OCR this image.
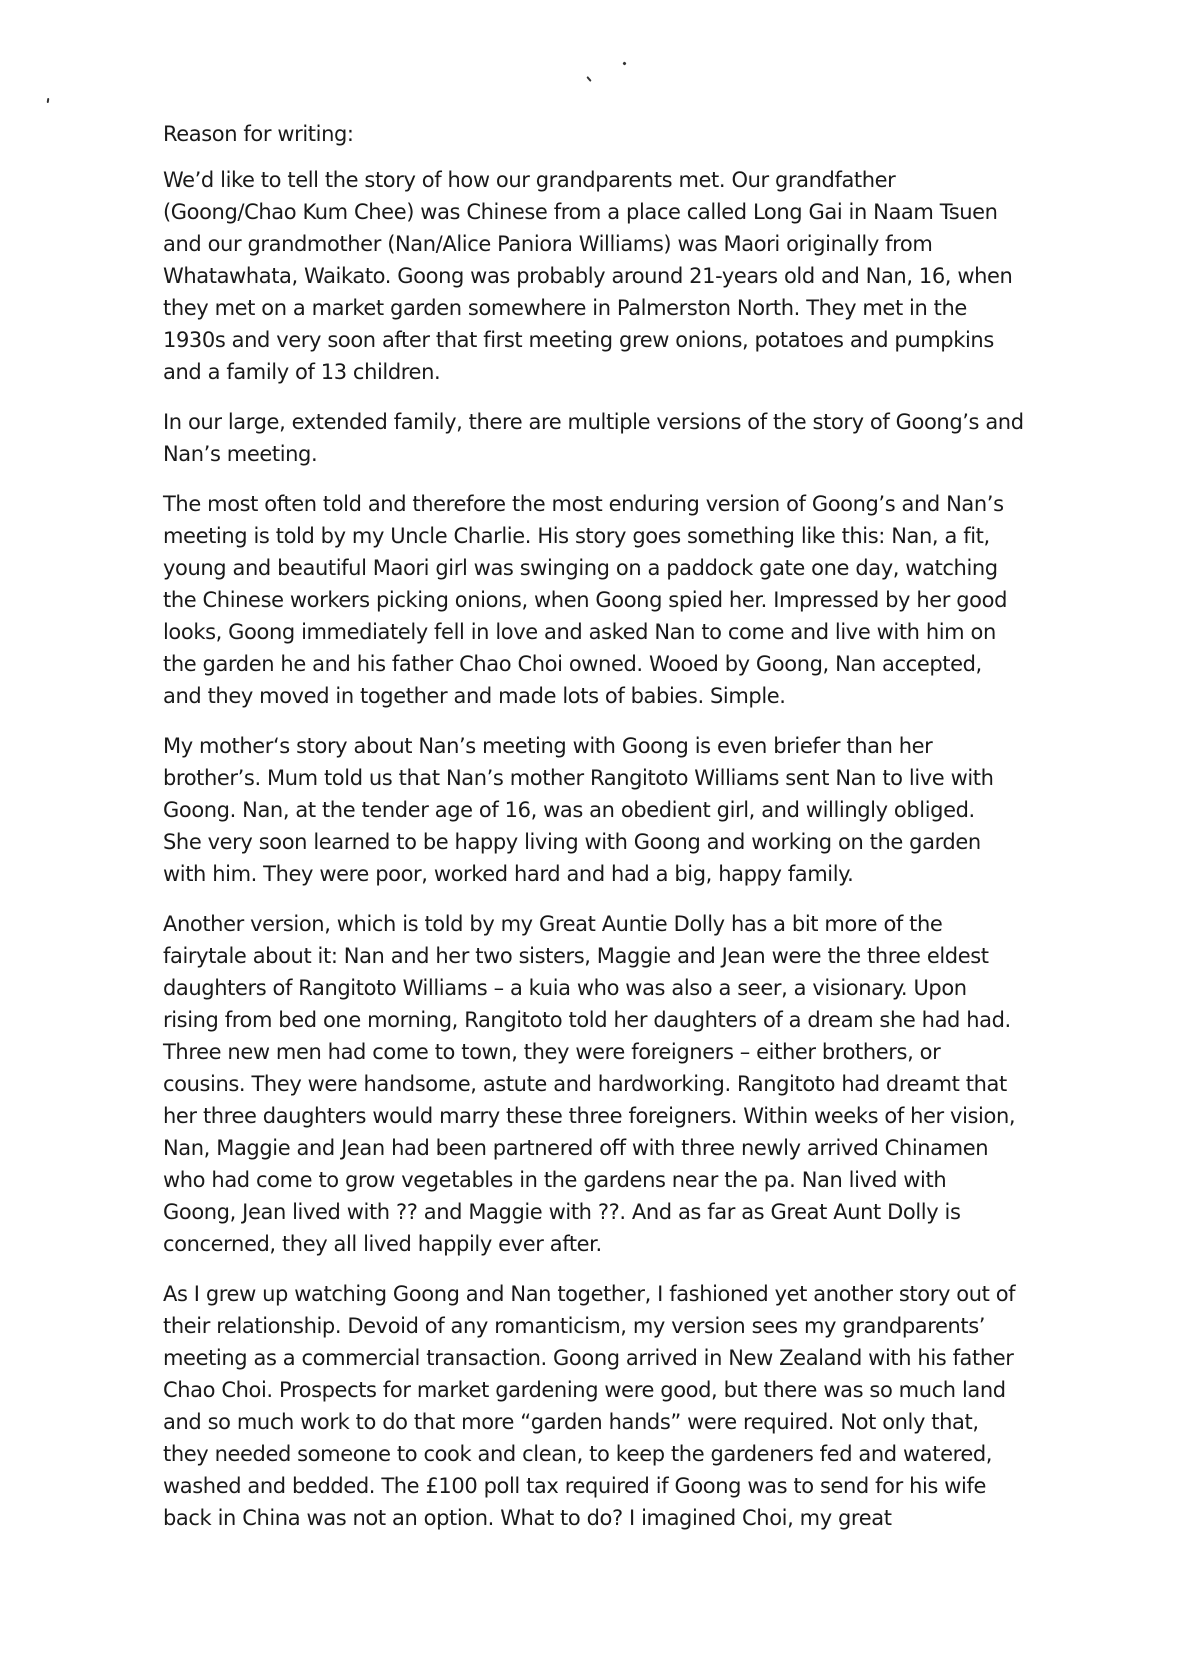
Reason for writing:

We’d like to tell the story of how our grandparents met. Our grandfather
(Goong/Chao Kum Chee) was Chinese from a place called Long Gai in Naam Tsuen
and our grandmother (Nan/Alice Paniora Williams) was Maori originally from
Whatawhata, Waikato. Goong was probably around 21-years old and Nan, 16, when
they met on a market garden somewhere in Palmerston North. They met in the
1930s and very soon after that first meeting grew onions, potatoes and pumpkins
and a family of 13 children.

In our large, extended family, there are multiple versions of the story of Goong’s and
Nan’s meeting.

The most often told and therefore the most enduring version of Goong’s and Nan’s
meeting is told by my Uncle Charlie. His story goes something like this: Nan, a fit,
young and beautiful Maori girl was swinging on a paddock gate one day, watching
the Chinese workers picking onions, when Goong spied her. Impressed by her good
looks, Goong immediately fell in love and asked Nan to come and live with him on
the garden he and his father Chao Choi owned. Wooed by Goong, Nan accepted,
and they moved in together and made lots of babies. Simple.

My mother‘s story about Nan’s meeting with Goong is even briefer than her
brother’s. Mum told us that Nan’s mother Rangitoto Williams sent Nan to live with
Goong. Nan, at the tender age of 16, was an obedient girl, and willingly obliged.
She very soon learned to be happy living with Goong and working on the garden
with him. They were poor, worked hard and had a big, happy family.

Another version, which is told by my Great Auntie Dolly has a bit more of the
fairytale about it: Nan and her two sisters, Maggie and Jean were the three eldest
daughters of Rangitoto Williams – a kuia who was also a seer, a visionary. Upon
rising from bed one morning, Rangitoto told her daughters of a dream she had had.
Three new men had come to town, they were foreigners – either brothers, or
cousins. They were handsome, astute and hardworking. Rangitoto had dreamt that
her three daughters would marry these three foreigners. Within weeks of her vision,
Nan, Maggie and Jean had been partnered off with three newly arrived Chinamen
who had come to grow vegetables in the gardens near the pa. Nan lived with
Goong, Jean lived with ?? and Maggie with ??. And as far as Great Aunt Dolly is
concerned, they all lived happily ever after.

As I grew up watching Goong and Nan together, I fashioned yet another story out of
their relationship. Devoid of any romanticism, my version sees my grandparents’
meeting as a commercial transaction. Goong arrived in New Zealand with his father
Chao Choi. Prospects for market gardening were good, but there was so much land
and so much work to do that more “garden hands” were required. Not only that,
they needed someone to cook and clean, to keep the gardeners fed and watered,
washed and bedded. The £100 poll tax required if Goong was to send for his wife
back in China was not an option. What to do? I imagined Choi, my great
